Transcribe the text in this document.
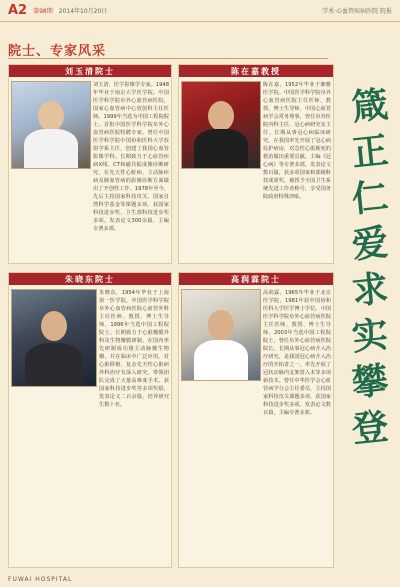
A2 第98期 2014年10月20日	学术·心血管疾病医院 院报
院士、专家风采
刘玉清院士
刘玉清，医学影像学专家。1948年毕业于南京大学医学院。中国医学科学院阜外心血管病医院，国家心血管病中心放射科主任医师。1999年当选为中国工程院院士。首批中国医学科学院阜外心血管病医院特聘专家。曾任中国医学科学院中国协和医科大学放射学系主任，创建了我国心血管影像学科。长期致力于心血管疾病X线、CT和磁共振成像诊断研究，在先天性心脏病、主动脉疾病及肺血管病的影像诊断方面做出了开创性工作。1978年至今，先后主持国家科技攻关、国家自然科学基金等课题多项。获国家科技进步奖、卫生部科技进步奖多项。发表论文300余篇，主编专著多部。
陈在嘉教授
陈在嘉，1952年毕业于湘雅医学院。中国医学科学院阜外心血管病医院主任医师、教授、博士生导师，中国心血管病学会常务理事，曾任阜外医院内科主任、冠心病研究室主任。长期从事冠心病临床研究，在我国率先开展了冠心病监护病房，对急性心肌梗死的救治做出重要贡献。主编《冠心病》等专著多部，发表论文数百篇，获多项国家和部级科技成果奖，被授予全国卫生系统先进工作者称号，享受国务院政府特殊津贴。
朱晓东院士
朱晓东，1954年毕业于上海第一医学院。中国医学科学院阜外心血管病医院心血管外科主任医师、教授、博士生导师，1996年当选中国工程院院士。长期致力于心脏瓣膜外科及生物瓣膜研制，在国内率先研制成功猪主动脉瓣生物瓣，并在临床中广泛应用。对心脏移植、复杂先天性心脏病外科治疗有深入研究，带领团队完成了大量高难度手术。获国家科技进步奖等多项奖励，发表论文二百余篇，培养研究生数十名。
高润霖院士
高润霖，1965年毕业于北京医学院，1981年获中国协和医科大学医学博士学位。中国医学科学院阜外心血管病医院主任医师、教授、博士生导师，2003年当选中国工程院院士，曾任阜外心血管病医院院长。长期从事冠心病介入治疗研究，是我国冠心病介入治疗的开拓者之一，率先开展了冠状动脉内支架置入术等多项新技术。曾任中华医学会心血管病学分会主任委员，主持国家科技攻关课题多项，获国家科技进步奖多项，发表论文数百篇，主编专著多部。
箴
正
仁
爱
求
实
攀
登
FUWAI HOSPITAL
